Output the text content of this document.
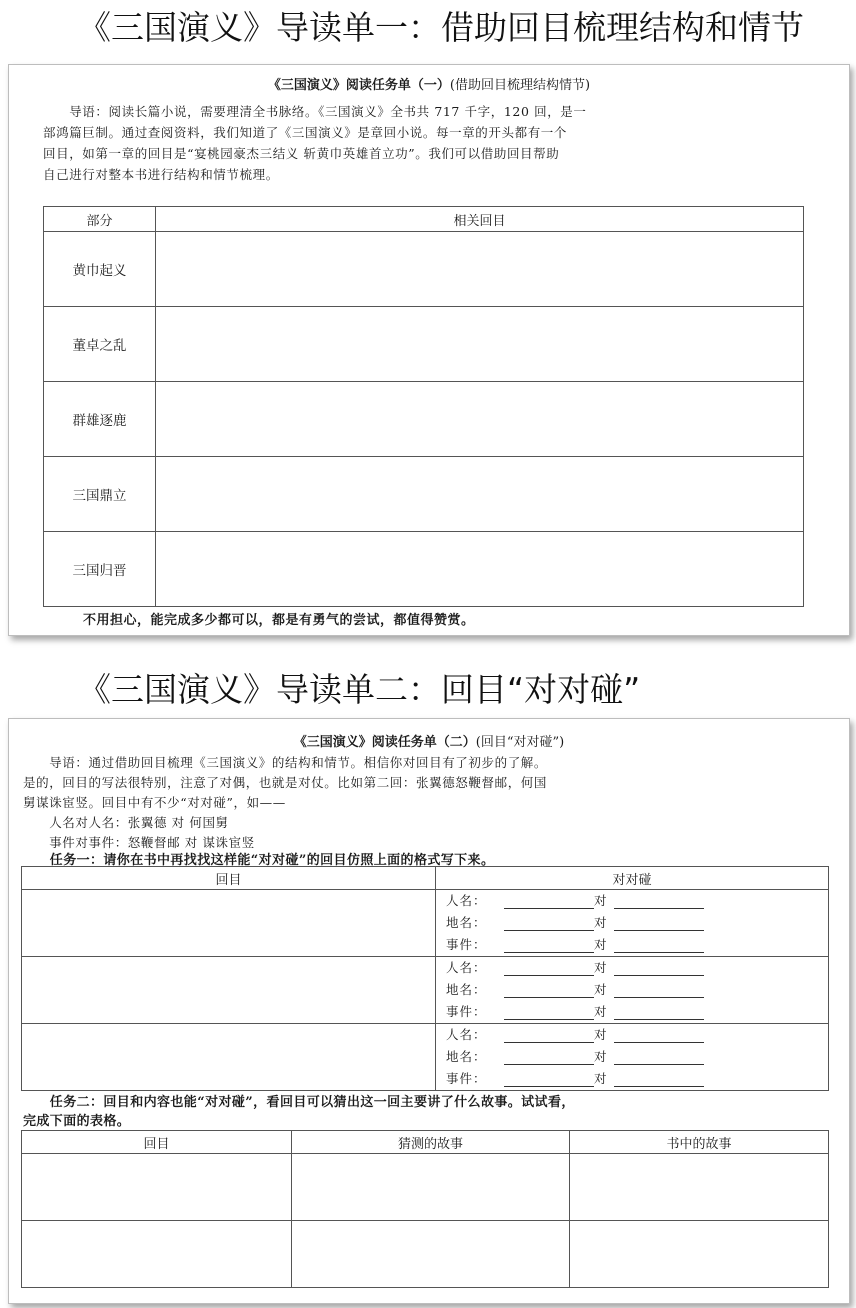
《三国演义》导读单一：借助回目梳理结构和情节
《三国演义》阅读任务单（一）(借助回目梳理结构情节)
　　导语：阅读长篇小说，需要理清全书脉络。《三国演义》全书共 717 千字，120 回，是一
部鸿篇巨制。通过查阅资料，我们知道了《三国演义》是章回小说。每一章的开头都有一个
回目，如第一章的回目是“宴桃园豪杰三结义 斩黄巾英雄首立功”。我们可以借助回目帮助
自己进行对整本书进行结构和情节梳理。
部分	相关回目
黄巾起义	
董卓之乱	
群雄逐鹿	
三国鼎立	
三国归晋	
不用担心，能完成多少都可以，都是有勇气的尝试，都值得赞赏。
《三国演义》导读单二：回目“对对碰”
《三国演义》阅读任务单（二）(回目“对对碰”)
　　导语：通过借助回目梳理《三国演义》的结构和情节。相信你对回目有了初步的了解。
是的，回目的写法很特别，注意了对偶，也就是对仗。比如第二回：张翼德怒鞭督邮，何国
舅谋诛宦竖。回目中有不少“对对碰”，如——
　　人名对人名：张翼德 对 何国舅
　　事件对事件：怒鞭督邮 对 谋诛宦竖
　　任务一：请你在书中再找找这样能“对对碰”的回目仿照上面的格式写下来。
回目	对对碰

	人名： 对
地名： 对
事件： 对

	人名： 对
地名： 对
事件： 对

	人名： 对
地名： 对
事件： 对
　　任务二：回目和内容也能“对对碰”，看回目可以猜出这一回主要讲了什么故事。试试看，
完成下面的表格。
回目	猜测的故事	书中的故事
